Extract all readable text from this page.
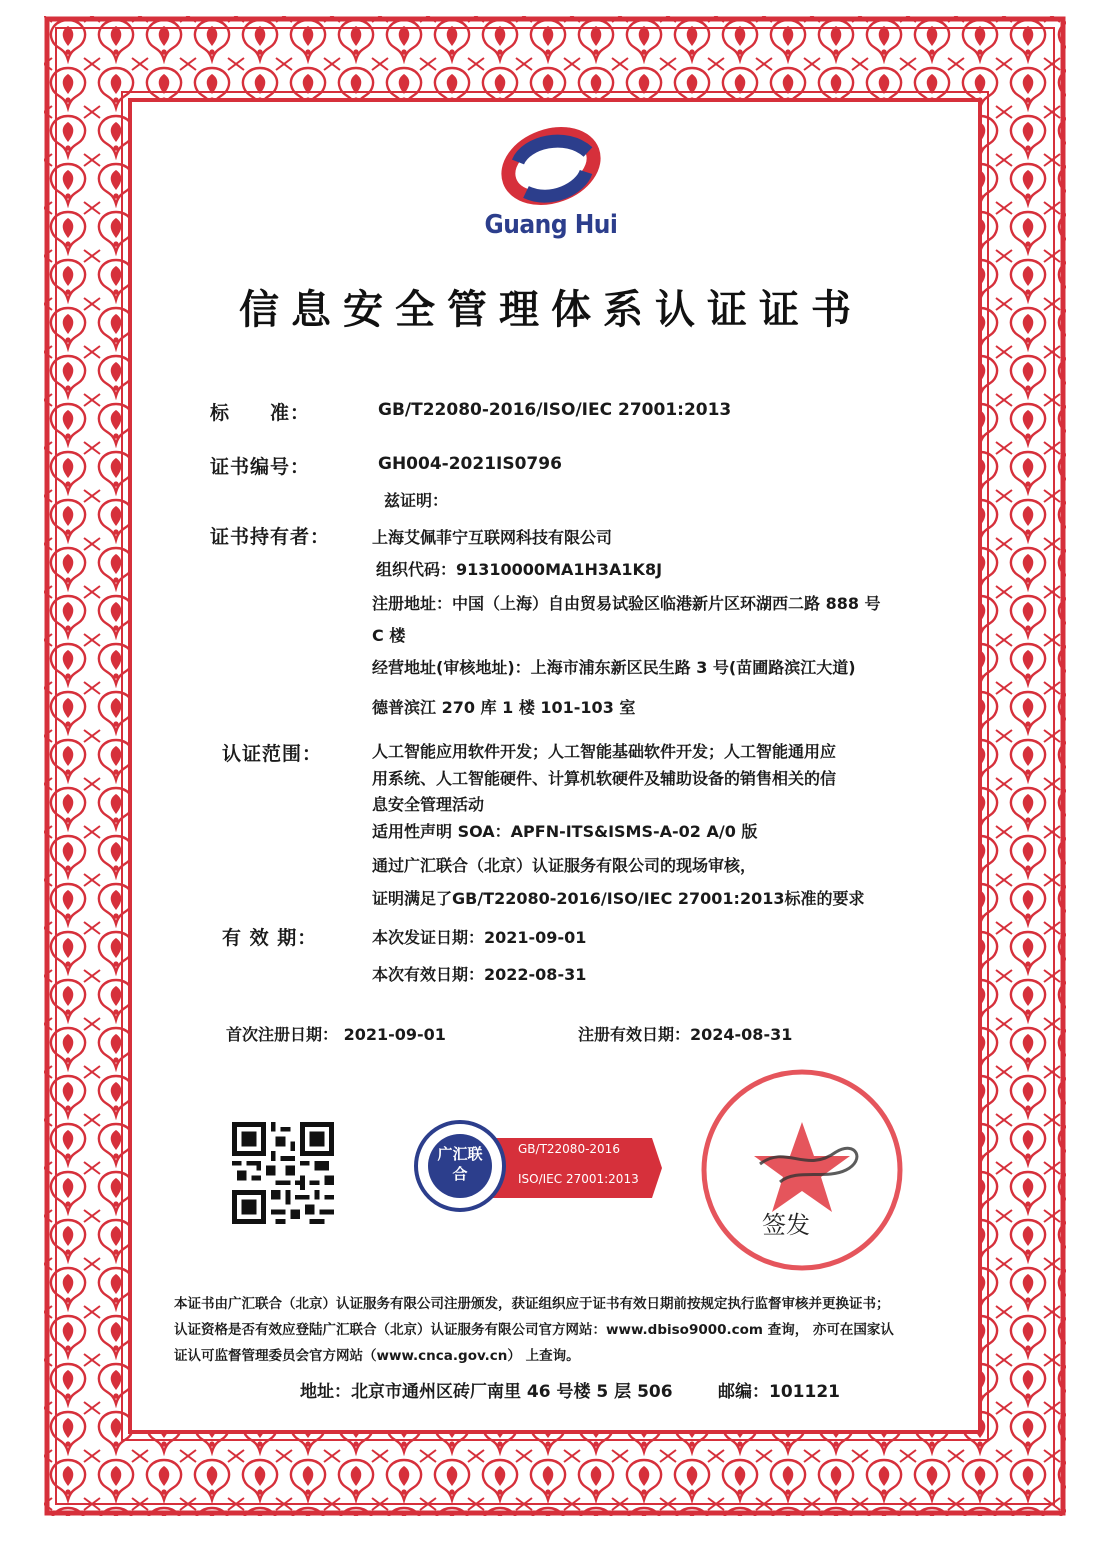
Guang Hui
信息安全管理体系认证证书
标　　准：	GB/T22080-2016/ISO/IEC 27001:2013
证书编号：	GH004-2021IS0796
兹证明：
证书持有者：	上海艾佩菲宁互联网科技有限公司
组织代码：91310000MA1H3A1K8J
注册地址：中国（上海）自由贸易试验区临港新片区环湖西二路 888 号
C 楼
经营地址(审核地址)：上海市浦东新区民生路 3 号(苗圃路滨江大道)
德普滨江 270 库 1 楼 101-103 室
认证范围：	人工智能应用软件开发；人工智能基础软件开发；人工智能通用应
用系统、人工智能硬件、计算机软硬件及辅助设备的销售相关的信
息安全管理活动
适用性声明 SOA：APFN-ITS&ISMS-A-02 A/0 版
通过广汇联合（北京）认证服务有限公司的现场审核，
证明满足了GB/T22080-2016/ISO/IEC 27001:2013标准的要求
有 效 期：	本次发证日期：2021-09-01
本次有效日期：2022-08-31
首次注册日期： 2021-09-01	注册有效日期：2024-08-31
广汇联合
GB/T22080-2016
ISO/IEC 27001:2013
签发
本证书由广汇联合（北京）认证服务有限公司注册颁发，获证组织应于证书有效日期前按规定执行监督审核并更换证书；
认证资格是否有效应登陆广汇联合（北京）认证服务有限公司官方网站：www.dbiso9000.com 查询， 亦可在国家认
证认可监督管理委员会官方网站（www.cnca.gov.cn） 上查询。
地址：北京市通州区砖厂南里 46 号楼 5 层 506	邮编：101121
